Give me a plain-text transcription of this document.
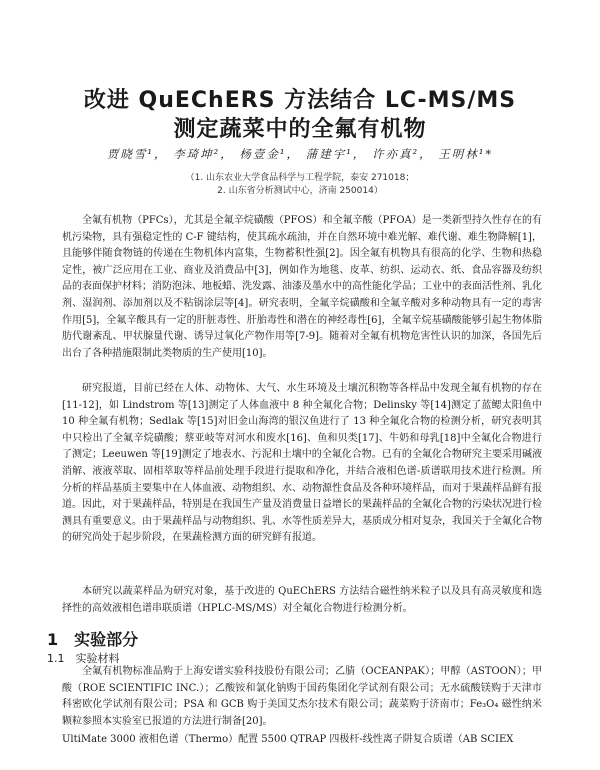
改进 QuEChERS 方法结合 LC-MS/MS
测定蔬菜中的全氟有机物
贾晓雪¹， 李琦坤²， 杨壹金¹， 蒲建宇¹， 许亦真²， 王明林¹*
（1. 山东农业大学食品科学与工程学院，泰安 271018；
2. 山东省分析测试中心，济南 250014）

全氟有机物（PFCs），尤其是全氟辛烷磺酸（PFOS）和全氟辛酸（PFOA）是一类新型持久性存在的有机污染物，具有强稳定性的 C-F 键结构，使其疏水疏油，并在自然环境中难光解、难代谢、难生物降解[1]，且能够伴随食物链的传递在生物机体内富集，生物蓄积性强[2]。因全氟有机物具有很高的化学、生物和热稳定性，被广泛应用在工业、商业及消费品中[3]，例如作为地毯、皮革、纺织、运动衣、纸、食品容器及纺织品的表面保护材料；消防泡沫、地板蜡、洗发露、油漆及墨水中的高性能化学品；工业中的表面活性剂、乳化剂、湿润剂、添加剂以及不粘锅涂层等[4]。研究表明，全氟辛烷磺酸和全氟辛酸对多种动物具有一定的毒害作用[5]，全氟辛酸具有一定的肝脏毒性、肝胎毒性和潜在的神经毒性[6]，全氟辛烷基磺酸能够引起生物体脂肪代谢紊乱、甲状腺量代谢、诱导过氧化产物作用等[7-9]。随着对全氟有机物危害性认识的加深，各国先后出台了各种措施限制此类物质的生产使用[10]。

研究报道，目前已经在人体、动物体、大气、水生环境及土壤沉积物等各样品中发现全氟有机物的存在[11-12]，如 Lindstrom 等[13]测定了人体血液中 8 种全氟化合物；Delinsky 等[14]测定了蓝鳃太阳鱼中 10 种全氟有机物；Sedlak 等[15]对旧金山海湾的银汉鱼进行了 13 种全氟化合物的检测分析，研究表明其中只检出了全氟辛烷磺酸；蔡亚岐等对河水和废水[16]、鱼和贝类[17]、牛奶和母乳[18]中全氟化合物进行了测定；Leeuwen 等[19]测定了地表水、污泥和土壤中的全氟化合物。已有的全氟化合物研究主要采用碱液消解、液液萃取、固相萃取等样品前处理手段进行提取和净化，并结合液相色谱-质谱联用技术进行检测。所分析的样品基质主要集中在人体血液、动物组织、水、动物源性食品及各种环境样品，而对于果蔬样品鲜有报道。因此，对于果蔬样品，特别是在我国生产量及消费量日益增长的果蔬样品的全氟化合物的污染状况进行检测具有重要意义。由于果蔬样品与动物组织、乳、水等性质差异大，基质成分相对复杂，我国关于全氟化合物的研究尚处于起步阶段，在果蔬检测方面的研究鲜有报道。

本研究以蔬菜样品为研究对象，基于改进的 QuEChERS 方法结合磁性纳米粒子以及具有高灵敏度和选择性的高效液相色谱串联质谱（HPLC-MS/MS）对全氟化合物进行检测分析。

1　实验部分
1.1　实验材料

全氟有机物标准品购于上海安谱实验科技股份有限公司；乙腈（OCEANPAK）；甲醇（ASTOON）；甲酸（ROE SCIENTIFIC INC.）；乙酸铵和氯化钠购于国药集团化学试剂有限公司；无水硫酸镁购于天津市科密欧化学试剂有限公司；PSA 和 GCB 购于美国艾杰尔技术有限公司；蔬菜购于济南市；Fe₃O₄ 磁性纳米颗粒参照本实验室已报道的方法进行制备[20]。

UltiMate 3000 液相色谱（Thermo）配置 5500 QTRAP 四极杆-线性离子阱复合质谱（AB SCIEX
